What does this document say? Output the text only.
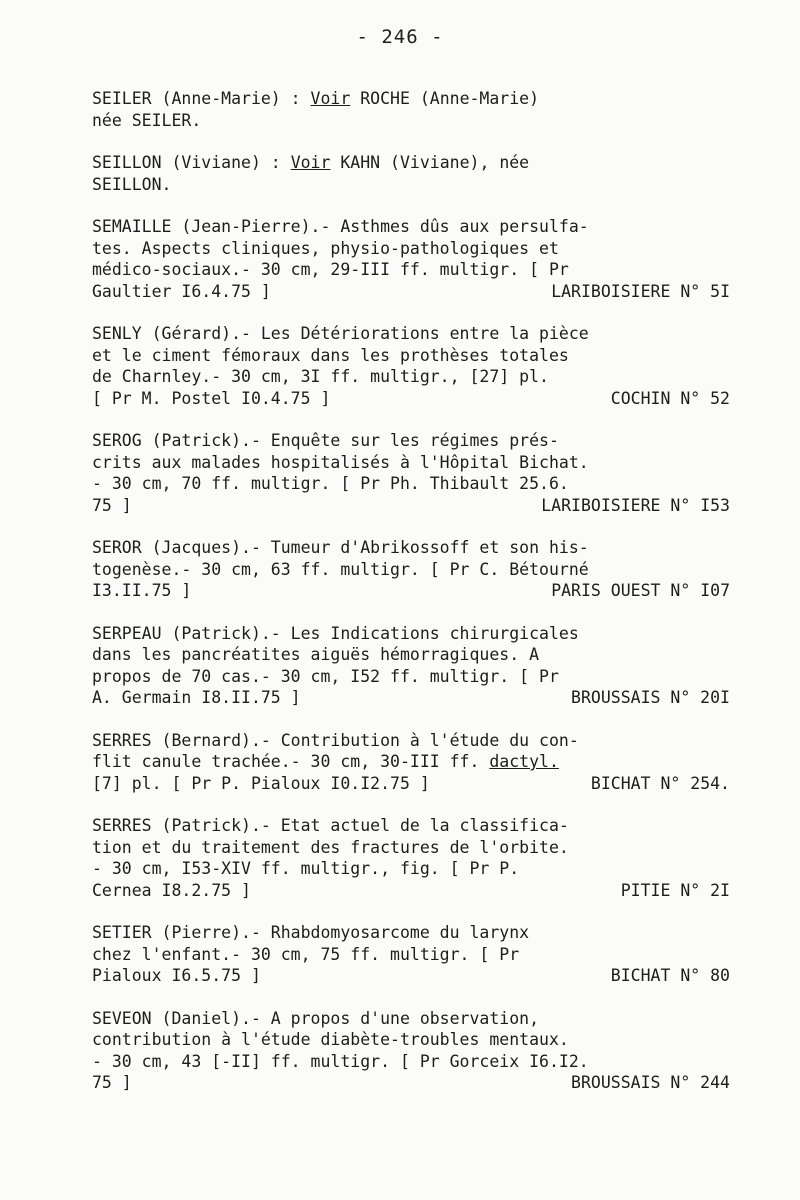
- 246 -
SEILER (Anne-Marie) : Voir ROCHE (Anne-Marie)
née SEILER.
SEILLON (Viviane) : Voir KAHN (Viviane), née
SEILLON.
SEMAILLE (Jean-Pierre).- Asthmes dûs aux persulfa-
tes. Aspects cliniques, physio-pathologiques et
médico-sociaux.- 30 cm, 29-III ff. multigr. [ Pr
Gaultier I6.4.75 ]	LARIBOISIERE N° 5I
SENLY (Gérard).- Les Détériorations entre la pièce
et le ciment fémoraux dans les prothèses totales
de Charnley.- 30 cm, 3I ff. multigr., [27] pl.
[ Pr M. Postel I0.4.75 ]	COCHIN N° 52
SEROG (Patrick).- Enquête sur les régimes prés-
crits aux malades hospitalisés à l'Hôpital Bichat.
- 30 cm, 70 ff. multigr. [ Pr Ph. Thibault 25.6.
75 ]	LARIBOISIERE N° I53
SEROR (Jacques).- Tumeur d'Abrikossoff et son his-
togenèse.- 30 cm, 63 ff. multigr. [ Pr C. Bétourné
I3.II.75 ]	PARIS OUEST N° I07
SERPEAU (Patrick).- Les Indications chirurgicales
dans les pancréatites aiguës hémorragiques. A
propos de 70 cas.- 30 cm, I52 ff. multigr. [ Pr
A. Germain I8.II.75 ]	BROUSSAIS N° 20I
SERRES (Bernard).- Contribution à l'étude du con-
flit canule trachée.- 30 cm, 30-III ff. dactyl.
[7] pl. [ Pr P. Pialoux I0.I2.75 ]	BICHAT N° 254.
SERRES (Patrick).- Etat actuel de la classifica-
tion et du traitement des fractures de l'orbite.
- 30 cm, I53-XIV ff. multigr., fig. [ Pr P.
Cernea I8.2.75 ]	PITIE N° 2I
SETIER (Pierre).- Rhabdomyosarcome du larynx
chez l'enfant.- 30 cm, 75 ff. multigr. [ Pr
Pialoux I6.5.75 ]	BICHAT N° 80
SEVEON (Daniel).- A propos d'une observation,
contribution à l'étude diabète-troubles mentaux.
- 30 cm, 43 [-II] ff. multigr. [ Pr Gorceix I6.I2.
75 ]	BROUSSAIS N° 244
